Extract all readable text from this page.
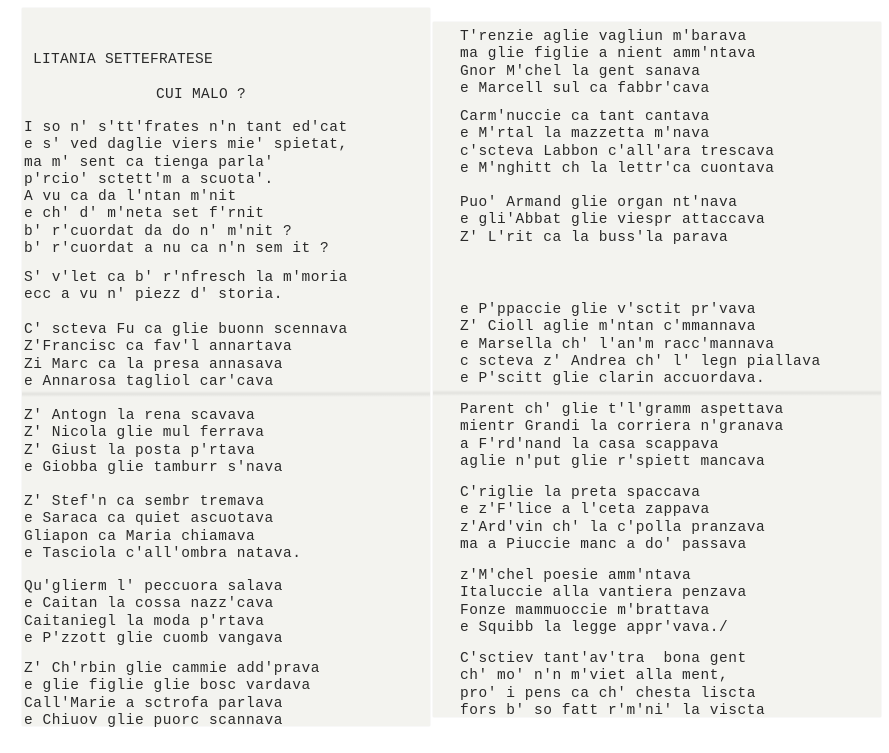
LITANIA SETTEFRATESE

CUI MALO ?

I so n' s'tt'frates n'n tant ed'cat
e s' ved daglie viers mie' spietat,
ma m' sent ca tienga parla'
p'rcio' sctett'm a scuota'.
A vu ca da l'ntan m'nit
e ch' d' m'neta set f'rnit
b' r'cuordat da do n' m'nit ?
b' r'cuordat a nu ca n'n sem it ?
S' v'let ca b' r'nfresch la m'moria
ecc a vu n' piezz d' storia.
C' scteva Fu ca glie buonn scennava
Z'Francisc ca fav'l annartava
Zi Marc ca la presa annasava
e Annarosa tagliol car'cava
Z' Antogn la rena scavava
Z' Nicola glie mul ferrava
Z' Giust la posta p'rtava
e Giobba glie tamburr s'nava
Z' Stef'n ca sembr tremava
e Saraca ca quiet ascuotava
Gliapon ca Maria chiamava
e Tasciola c'all'ombra natava.
Qu'glierm l' peccuora salava
e Caitan la cossa nazz'cava
Caitaniegl la moda p'rtava
e P'zzott glie cuomb vangava
Z' Ch'rbin glie cammie add'prava
e glie figlie glie bosc vardava
Call'Marie a sctrofa parlava
e Chiuov glie puorc scannava
T'renzie aglie vagliun m'barava
ma glie figlie a nient amm'ntava
Gnor M'chel la gent sanava
e Marcell sul ca fabbr'cava
Carm'nuccie ca tant cantava
e M'rtal la mazzetta m'nava
c'scteva Labbon c'all'ara trescava
e M'nghitt ch la lettr'ca cuontava
Puo' Armand glie organ nt'nava
e gli'Abbat glie viespr attaccava
Z' L'rit ca la buss'la parava
e P'ppaccie glie v'sctit pr'vava
Z' Cioll aglie m'ntan c'mmannava
e Marsella ch' l'an'm racc'mannava
c scteva z' Andrea ch' l' legn piallava
e P'scitt glie clarin accuordava.
Parent ch' glie t'l'gramm aspettava
mientr Grandi la corriera n'granava
a F'rd'nand la casa scappava
aglie n'put glie r'spiett mancava
C'riglie la preta spaccava
e z'F'lice a l'ceta zappava
z'Ard'vin ch' la c'polla pranzava
ma a Piuccie manc a do' passava
z'M'chel poesie amm'ntava
Italuccie alla vantiera penzava
Fonze mammuoccie m'brattava
e Squibb la legge appr'vava./
C'sctiev tant'av'tra  bona gent
ch' mo' n'n m'viet alla ment,
pro' i pens ca ch' chesta liscta
fors b' so fatt r'm'ni' la viscta
